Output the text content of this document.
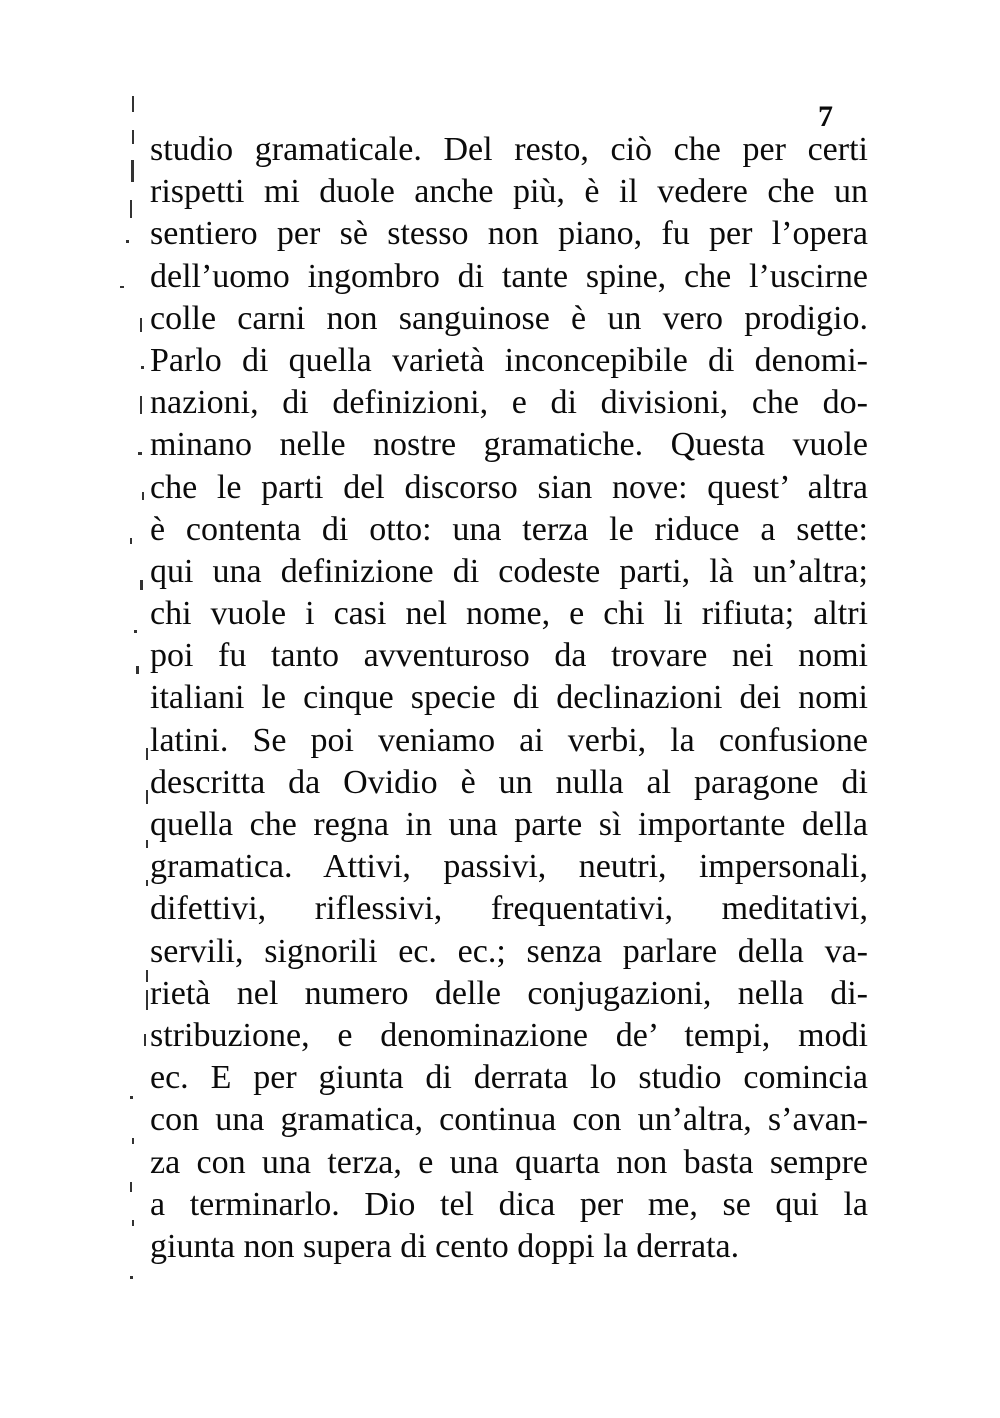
7
studio gramaticale. Del resto, ciò che per certi
rispetti mi duole anche più, è il vedere che un
sentiero per sè stesso non piano, fu per l’opera
dell’uomo ingombro di tante spine, che l’uscirne
colle carni non sanguinose è un vero prodigio.
Parlo di quella varietà inconcepibile di denomi-
nazioni, di definizioni, e di divisioni, che do-
minano nelle nostre gramatiche. Questa vuole
che le parti del discorso sian nove: quest’ altra
è contenta di otto: una terza le riduce a sette:
qui una definizione di codeste parti, là un’altra;
chi vuole i casi nel nome, e chi li rifiuta; altri
poi fu tanto avventuroso da trovare nei nomi
italiani le cinque specie di declinazioni dei nomi
latini. Se poi veniamo ai verbi, la confusione
descritta da Ovidio è un nulla al paragone di
quella che regna in una parte sì importante della
gramatica. Attivi, passivi, neutri, impersonali,
difettivi, riflessivi, frequentativi, meditativi,
servili, signorili ec. ec.; senza parlare della va-
rietà nel numero delle conjugazioni, nella di-
stribuzione, e denominazione de’ tempi, modi
ec. E per giunta di derrata lo studio comincia
con una gramatica, continua con un’altra, s’avan-
za con una terza, e una quarta non basta sempre
a terminarlo. Dio tel dica per me, se qui la
giunta non supera di cento doppi la derrata.
